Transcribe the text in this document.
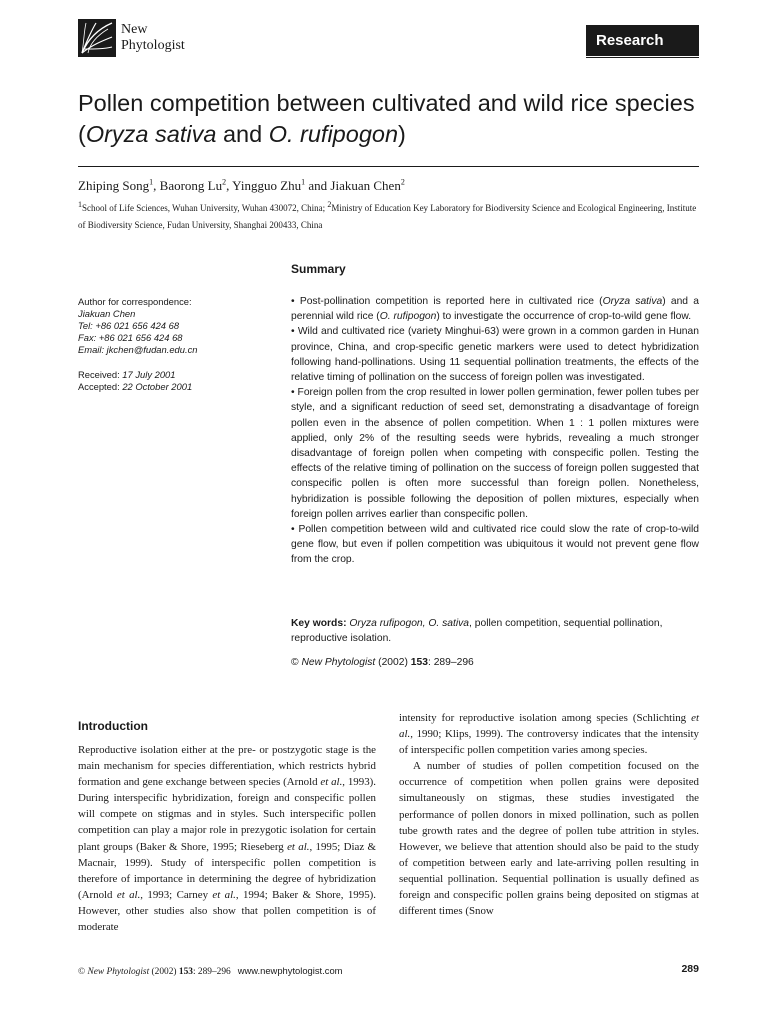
New
Phytologist	Research
Pollen competition between cultivated and wild rice species (Oryza sativa and O. rufipogon)
Zhiping Song$^1$, Baorong Lu$^2$, Yingguo Zhu$^1$ and Jiakuan Chen$^2$
$^1$School of Life Sciences, Wuhan University, Wuhan 430072, China; $^2$Ministry of Education Key Laboratory for Biodiversity Science and Ecological Engineering, Institute of Biodiversity Science, Fudan University, Shanghai 200433, China
Summary
Author for correspondence:
Jiakuan Chen
Tel: +86 021 656 424 68
Fax: +86 021 656 424 68
Email: jkchen@fudan.edu.cn
Received: 17 July 2001
Accepted: 22 October 2001

• Post-pollination competition is reported here in cultivated rice (Oryza sativa) and a perennial wild rice (O. rufipogon) to investigate the occurrence of crop-to-wild gene flow.

• Wild and cultivated rice (variety Minghui-63) were grown in a common garden in Hunan province, China, and crop-specific genetic markers were used to detect hybridization following hand-pollinations. Using 11 sequential pollination treatments, the effects of the relative timing of pollination on the success of foreign pollen was investigated.

• Foreign pollen from the crop resulted in lower pollen germination, fewer pollen tubes per style, and a significant reduction of seed set, demonstrating a disadvantage of foreign pollen even in the absence of pollen competition. When 1 : 1 pollen mixtures were applied, only 2% of the resulting seeds were hybrids, revealing a much stronger disadvantage of foreign pollen when competing with conspecific pollen. Testing the effects of the relative timing of pollination on the success of foreign pollen suggested that conspecific pollen is often more successful than foreign pollen. Nonetheless, hybridization is possible following the deposition of pollen mixtures, especially when foreign pollen arrives earlier than conspecific pollen.

• Pollen competition between wild and cultivated rice could slow the rate of crop-to-wild gene flow, but even if pollen competition was ubiquitous it would not prevent gene flow from the crop.

Key words: Oryza rufipogon, O. sativa, pollen competition, sequential pollination, reproductive isolation.
© New Phytologist (2002) 153: 289–296
Introduction

Reproductive isolation either at the pre- or postzygotic stage is the main mechanism for species differentiation, which restricts hybrid formation and gene exchange between species (Arnold et al., 1993). During interspecific hybridization, foreign and conspecific pollen will compete on stigmas and in styles. Such interspecific pollen competition can play a major role in prezygotic isolation for certain plant groups (Baker & Shore, 1995; Rieseberg et al., 1995; Diaz & Macnair, 1999). Study of interspecific pollen competition is therefore of importance in determining the degree of hybridization (Arnold et al., 1993; Carney et al., 1994; Baker & Shore, 1995). However, other studies also show that pollen competition is of moderate

intensity for reproductive isolation among species (Schlichting et al., 1990; Klips, 1999). The controversy indicates that the intensity of interspecific pollen competition varies among species.

A number of studies of pollen competition focused on the occurrence of competition when pollen grains were deposited simultaneously on stigmas, these studies investigated the performance of pollen donors in mixed pollination, such as pollen tube growth rates and the degree of pollen tube attrition in styles. However, we believe that attention should also be paid to the study of competition between early and late-arriving pollen resulting in sequential pollination. Sequential pollination is usually defined as foreign and conspecific pollen grains being deposited on stigmas at different times (Snow

© New Phytologist (2002) 153: 289–296 www.newphytologist.com	289
